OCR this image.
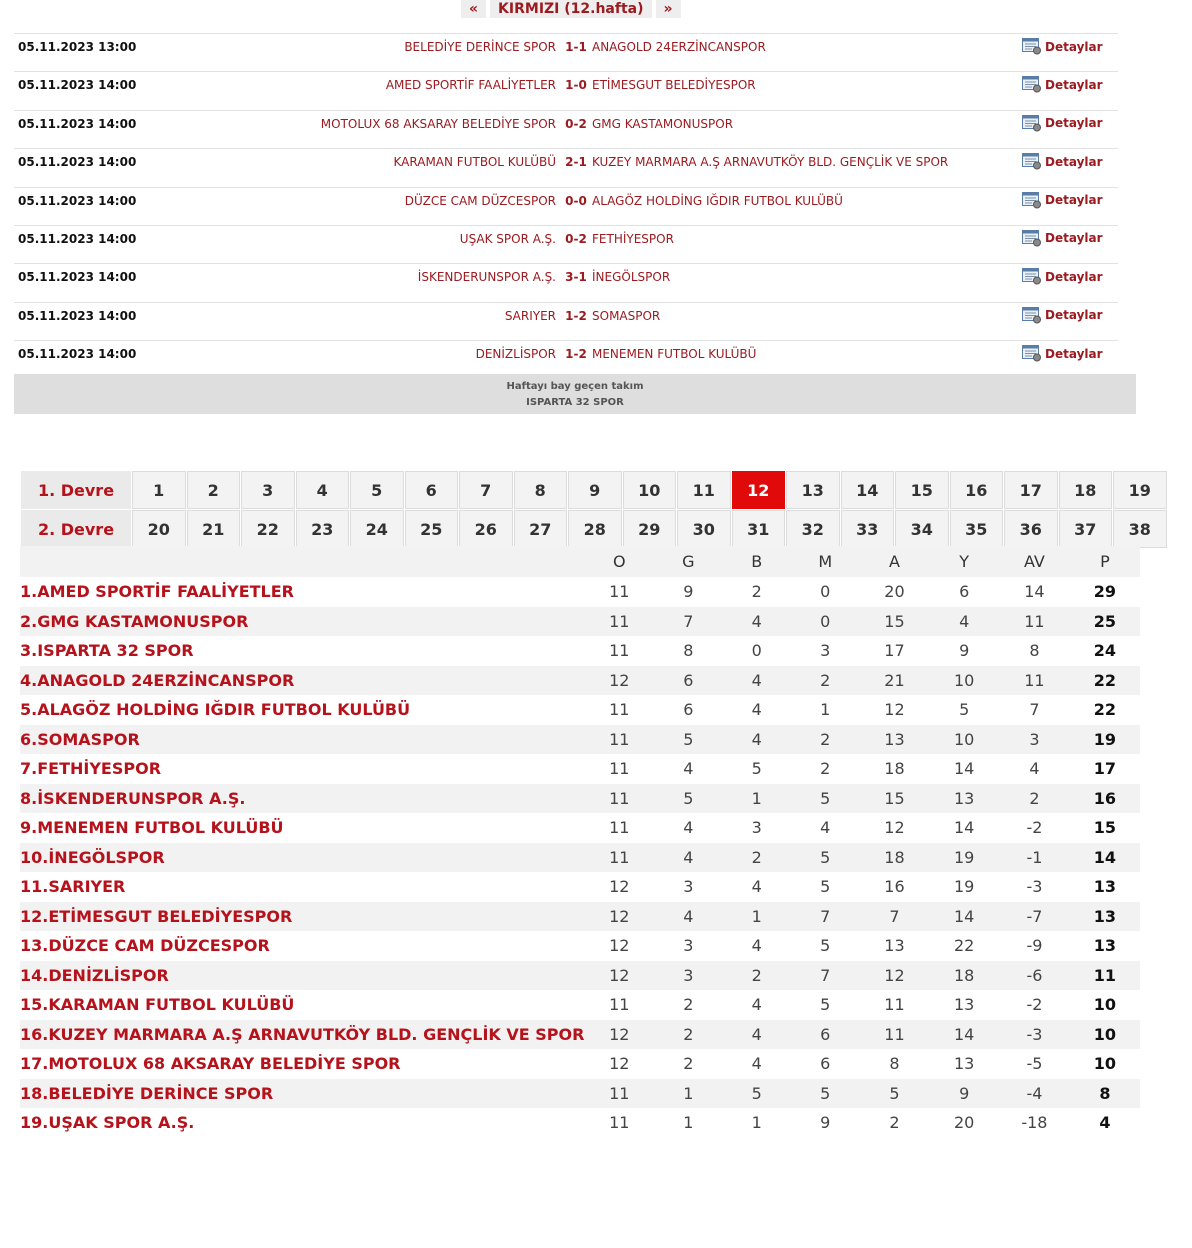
«	KIRMIZI (12.hafta)	»
05.11.2023 13:00	BELEDİYE DERİNCE SPOR 1-1 ANAGOLD 24ERZİNCANSPOR	Detaylar
05.11.2023 14:00	AMED SPORTİF FAALİYETLER 1-0 ETİMESGUT BELEDİYESPOR	Detaylar
05.11.2023 14:00	MOTOLUX 68 AKSARAY BELEDİYE SPOR 0-2 GMG KASTAMONUSPOR	Detaylar
05.11.2023 14:00	KARAMAN FUTBOL KULÜBÜ 2-1 KUZEY MARMARA A.Ş ARNAVUTKÖY BLD. GENÇLİK VE SPOR	Detaylar
05.11.2023 14:00	DÜZCE CAM DÜZCESPOR 0-0 ALAGÖZ HOLDİNG IĞDIR FUTBOL KULÜBÜ	Detaylar
05.11.2023 14:00	UŞAK SPOR A.Ş. 0-2 FETHİYESPOR	Detaylar
05.11.2023 14:00	İSKENDERUNSPOR A.Ş. 3-1 İNEGÖLSPOR	Detaylar
05.11.2023 14:00	SARIYER 1-2 SOMASPOR	Detaylar
05.11.2023 14:00	DENİZLİSPOR 1-2 MENEMEN FUTBOL KULÜBÜ	Detaylar
Haftayı bay geçen takım
ISPARTA 32 SPOR
1. Devre	1	2	3	4	5	6	7	8	9	10	11	12	13	14	15	16	17	18	19
2. Devre	20	21	22	23	24	25	26	27	28	29	30	31	32	33	34	35	36	37	38
	O	G	B	M	A	Y	AV	P
1.AMED SPORTİF FAALİYETLER	11	9	2	0	20	6	14	29
2.GMG KASTAMONUSPOR	11	7	4	0	15	4	11	25
3.ISPARTA 32 SPOR	11	8	0	3	17	9	8	24
4.ANAGOLD 24ERZİNCANSPOR	12	6	4	2	21	10	11	22
5.ALAGÖZ HOLDİNG IĞDIR FUTBOL KULÜBÜ	11	6	4	1	12	5	7	22
6.SOMASPOR	11	5	4	2	13	10	3	19
7.FETHİYESPOR	11	4	5	2	18	14	4	17
8.İSKENDERUNSPOR A.Ş.	11	5	1	5	15	13	2	16
9.MENEMEN FUTBOL KULÜBÜ	11	4	3	4	12	14	-2	15
10.İNEGÖLSPOR	11	4	2	5	18	19	-1	14
11.SARIYER	12	3	4	5	16	19	-3	13
12.ETİMESGUT BELEDİYESPOR	12	4	1	7	7	14	-7	13
13.DÜZCE CAM DÜZCESPOR	12	3	4	5	13	22	-9	13
14.DENİZLİSPOR	12	3	2	7	12	18	-6	11
15.KARAMAN FUTBOL KULÜBÜ	11	2	4	5	11	13	-2	10
16.KUZEY MARMARA A.Ş ARNAVUTKÖY BLD. GENÇLİK VE SPOR	12	2	4	6	11	14	-3	10
17.MOTOLUX 68 AKSARAY BELEDİYE SPOR	12	2	4	6	8	13	-5	10
18.BELEDİYE DERİNCE SPOR	11	1	5	5	5	9	-4	8
19.UŞAK SPOR A.Ş.	11	1	1	9	2	20	-18	4
